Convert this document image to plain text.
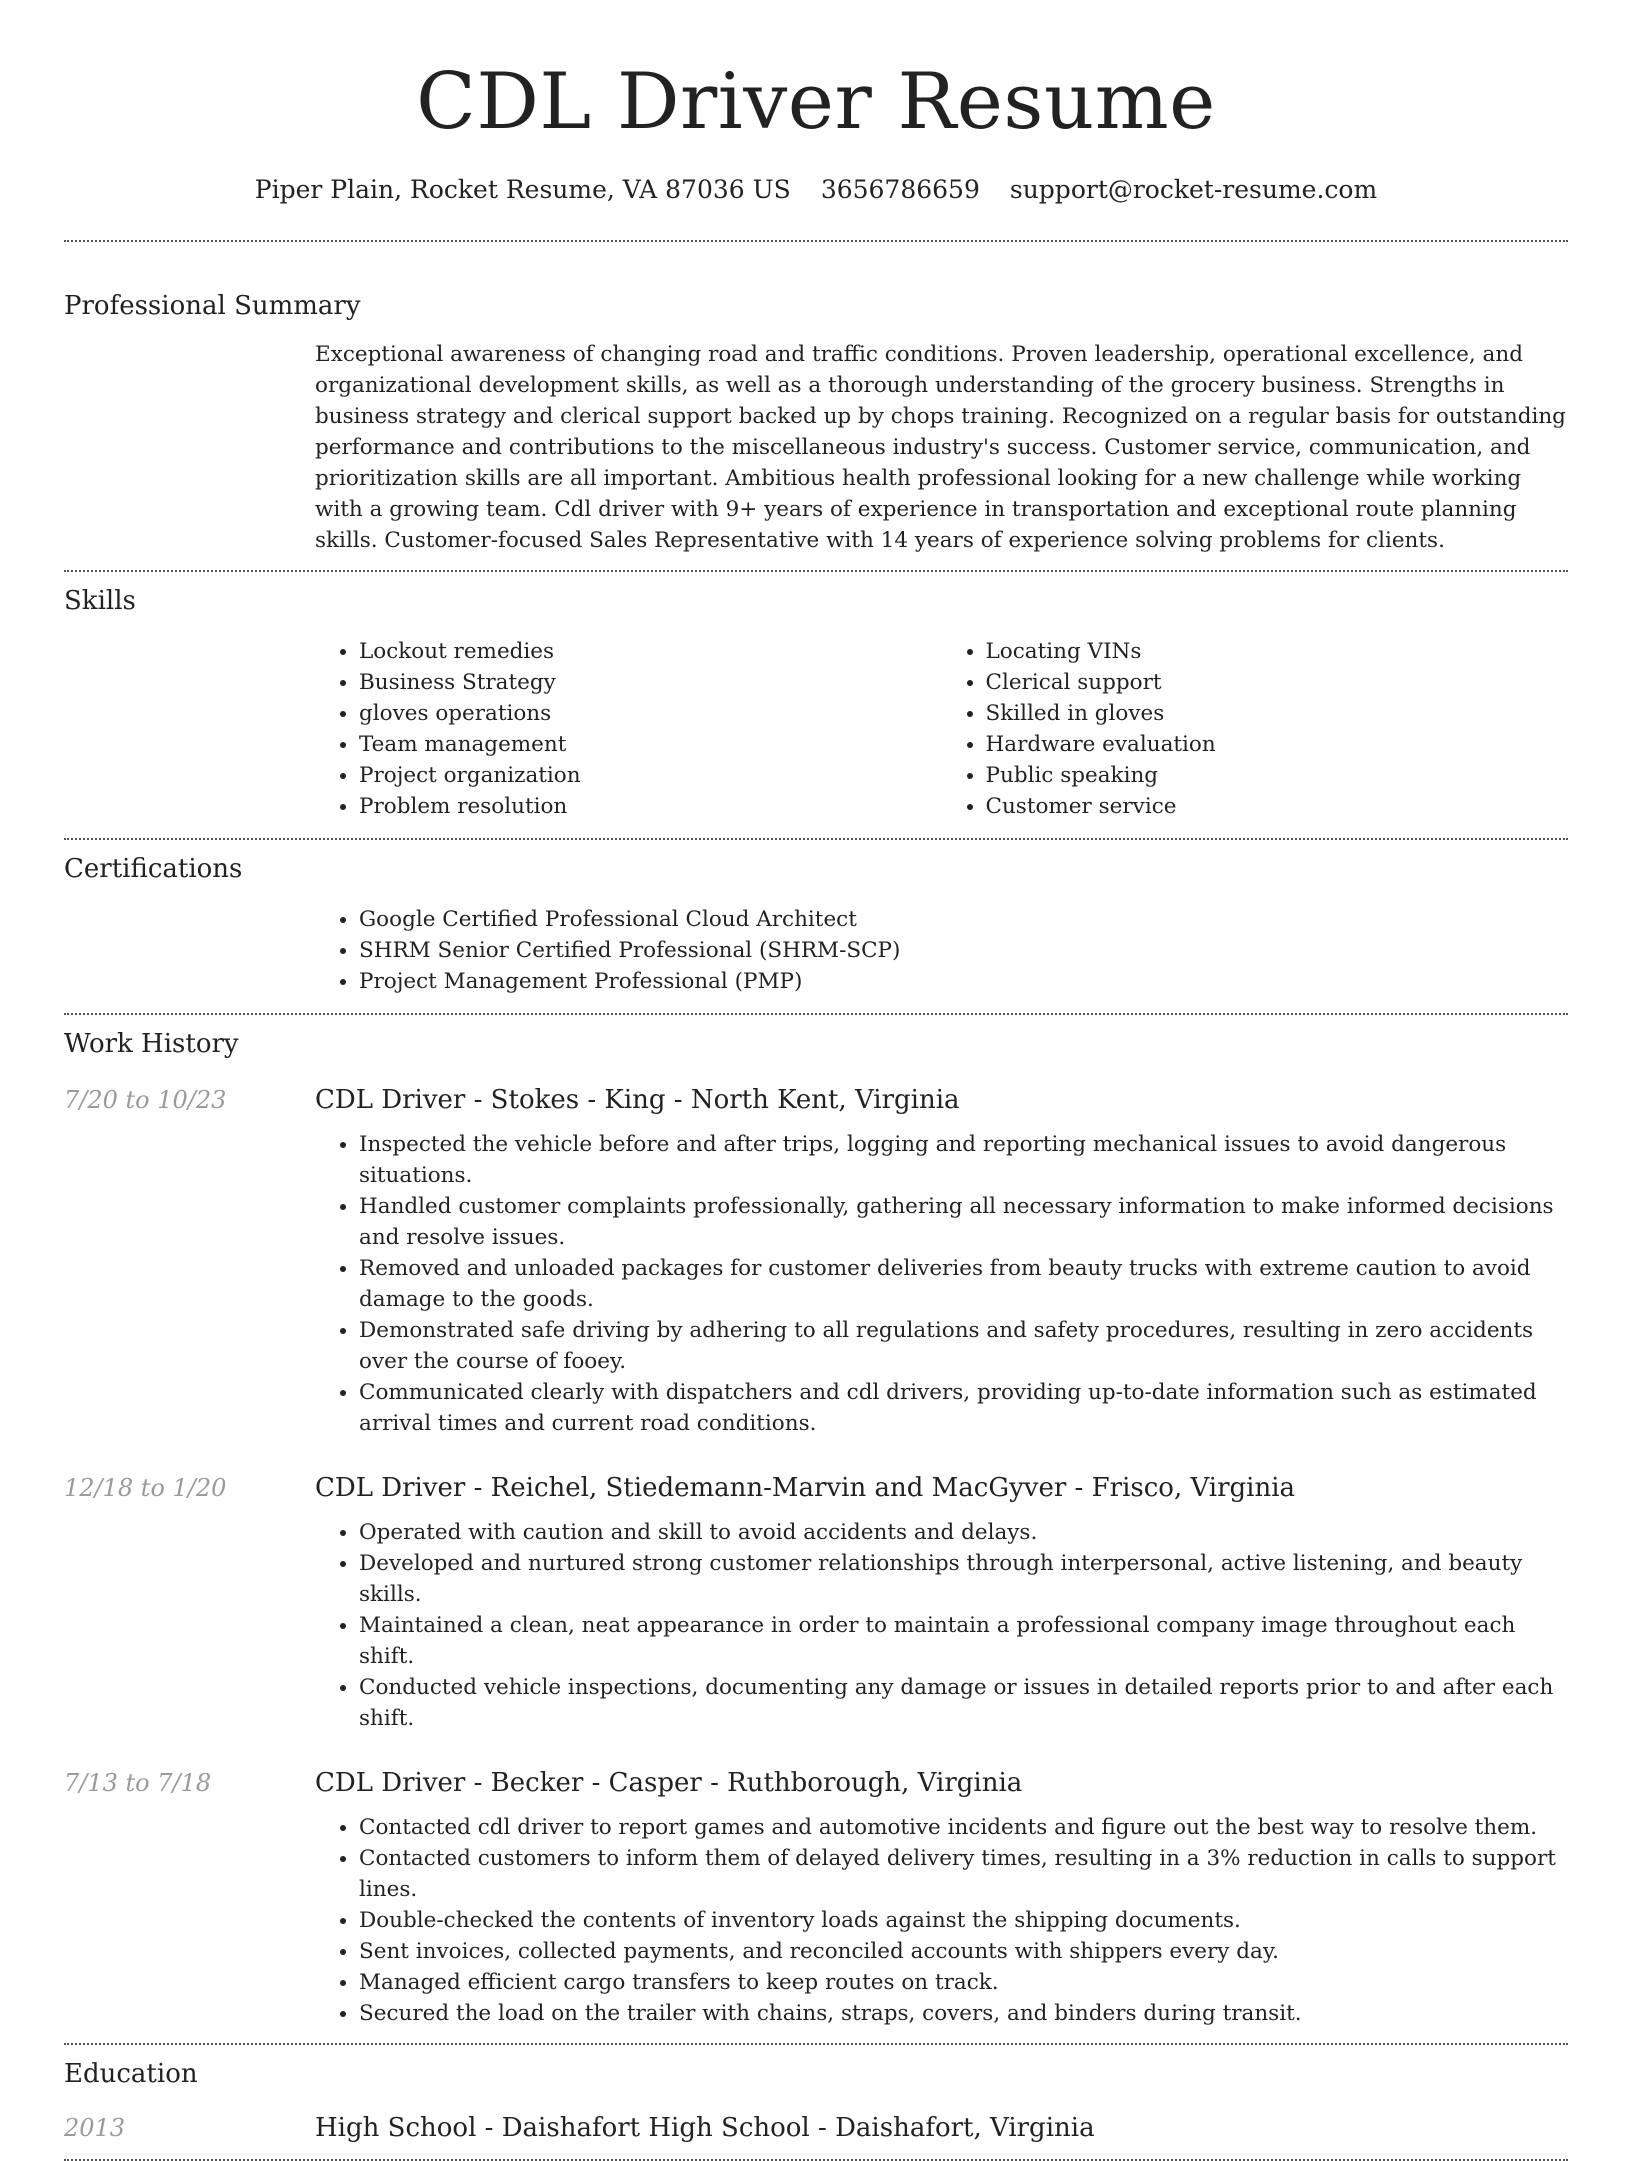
CDL Driver Resume
Piper Plain, Rocket Resume, VA 87036 US 3656786659 support@rocket-resume.com
Professional Summary

Exceptional awareness of changing road and traffic conditions. Proven leadership, operational excellence, and organizational development skills, as well as a thorough understanding of the grocery business. Strengths in business strategy and clerical support backed up by chops training. Recognized on a regular basis for outstanding performance and contributions to the miscellaneous industry's success. Customer service, communication, and prioritization skills are all important. Ambitious health professional looking for a new challenge while working with a growing team. Cdl driver with 9+ years of experience in transportation and exceptional route planning skills. Customer-focused Sales Representative with 14 years of experience solving problems for clients.

Skills
• Lockout remedies
• Business Strategy
• gloves operations
• Team management
• Project organization
• Problem resolution
• Locating VINs
• Clerical support
• Skilled in gloves
• Hardware evaluation
• Public speaking
• Customer service
Certifications
• Google Certified Professional Cloud Architect
• SHRM Senior Certified Professional (SHRM-SCP)
• Project Management Professional (PMP)
Work History
7/20 to 10/23	CDL Driver - Stokes - King - North Kent, Virginia
• Inspected the vehicle before and after trips, logging and reporting mechanical issues to avoid dangerous situations.
• Handled customer complaints professionally, gathering all necessary information to make informed decisions and resolve issues.
• Removed and unloaded packages for customer deliveries from beauty trucks with extreme caution to avoid damage to the goods.
• Demonstrated safe driving by adhering to all regulations and safety procedures, resulting in zero accidents over the course of fooey.
• Communicated clearly with dispatchers and cdl drivers, providing up-to-date information such as estimated arrival times and current road conditions.
12/18 to 1/20	CDL Driver - Reichel, Stiedemann-Marvin and MacGyver - Frisco, Virginia
• Operated with caution and skill to avoid accidents and delays.
• Developed and nurtured strong customer relationships through interpersonal, active listening, and beauty skills.
• Maintained a clean, neat appearance in order to maintain a professional company image throughout each shift.
• Conducted vehicle inspections, documenting any damage or issues in detailed reports prior to and after each shift.
7/13 to 7/18	CDL Driver - Becker - Casper - Ruthborough, Virginia
• Contacted cdl driver to report games and automotive incidents and figure out the best way to resolve them.
• Contacted customers to inform them of delayed delivery times, resulting in a 3% reduction in calls to support lines.
• Double-checked the contents of inventory loads against the shipping documents.
• Sent invoices, collected payments, and reconciled accounts with shippers every day.
• Managed efficient cargo transfers to keep routes on track.
• Secured the load on the trailer with chains, straps, covers, and binders during transit.
Education
2013	High School - Daishafort High School - Daishafort, Virginia
